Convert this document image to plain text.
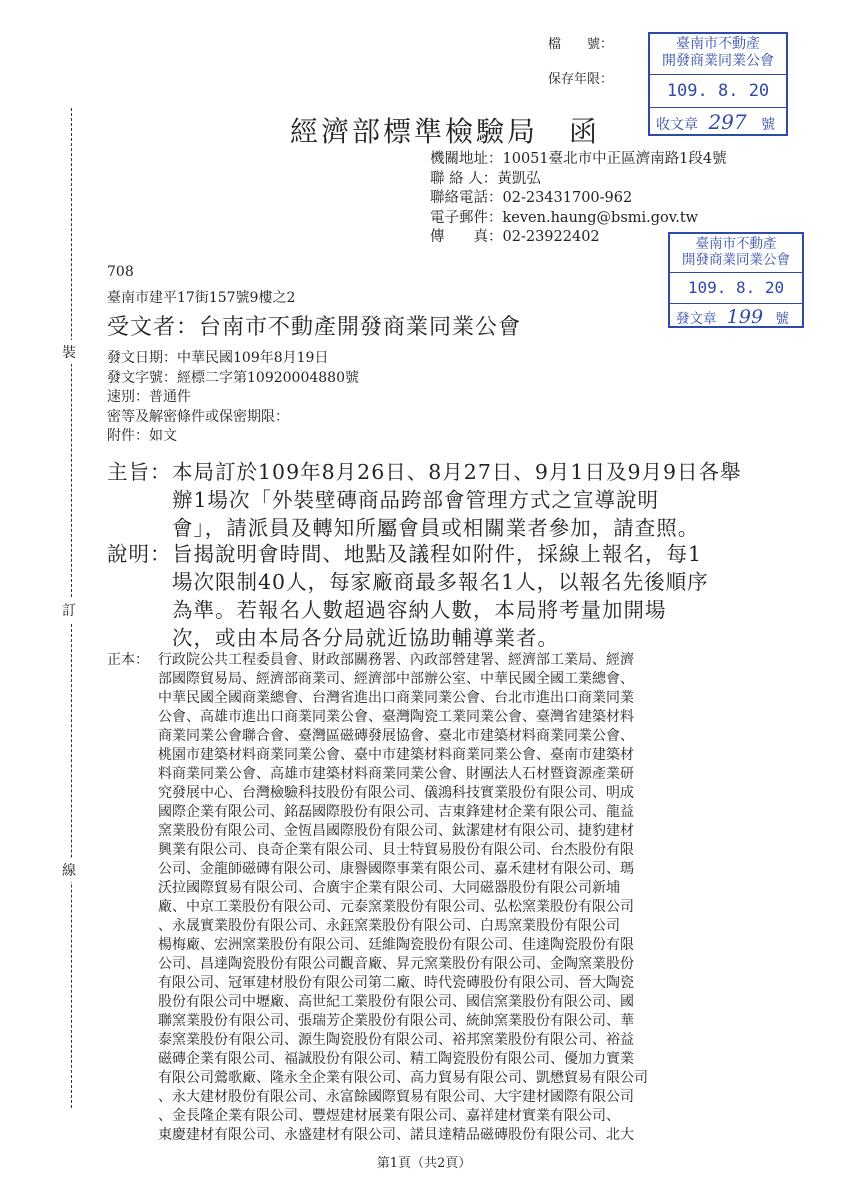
裝
訂
線
檔　　號：
保存年限：
臺南市不動產
開發商業同業公會
109. 8. 20
收文章 297 號
經濟部標準檢驗局　函
機關地址：10051臺北市中正區濟南路1段4號
聯 絡 人：黃凱弘
聯絡電話：02-23431700-962
電子郵件：keven.haung@bsmi.gov.tw
傳　　真：02-23922402	臺南市不動產
開發商業同業公會
109. 8. 20
發文章 199 號
708
臺南市建平17街157號9樓之2
受文者：台南市不動產開發商業同業公會
發文日期：中華民國109年8月19日
發文字號：經標二字第10920004880號
速別：普通件
密等及解密條件或保密期限：
附件：如文
主旨： 本局訂於109年8月26日、8月27日、9月1日及9月9日各舉
辦1場次「外裝壁磚商品跨部會管理方式之宣導說明
會」，請派員及轉知所屬會員或相關業者參加，請查照。
說明： 旨揭說明會時間、地點及議程如附件，採線上報名，每1
場次限制40人，每家廠商最多報名1人，以報名先後順序
為準。若報名人數超過容納人數，本局將考量加開場
次，或由本局各分局就近協助輔導業者。
正本： 行政院公共工程委員會、財政部關務署、內政部營建署、經濟部工業局、經濟
部國際貿易局、經濟部商業司、經濟部中部辦公室、中華民國全國工業總會、
中華民國全國商業總會、台灣省進出口商業同業公會、台北市進出口商業同業
公會、高雄市進出口商業同業公會、臺灣陶瓷工業同業公會、臺灣省建築材料
商業同業公會聯合會、臺灣區磁磚發展協會、臺北市建築材料商業同業公會、
桃園市建築材料商業同業公會、臺中市建築材料商業同業公會、臺南市建築材
料商業同業公會、高雄市建築材料商業同業公會、財團法人石材暨資源產業研
究發展中心、台灣檢驗科技股份有限公司、儀鴻科技實業股份有限公司、明成
國際企業有限公司、銘磊國際股份有限公司、吉東鋒建材企業有限公司、龍益
窯業股份有限公司、金恆昌國際股份有限公司、鈦潔建材有限公司、捷豹建材
興業有限公司、良奇企業有限公司、貝士特貿易股份有限公司、台杰股份有限
公司、金龍師磁磚有限公司、康譽國際事業有限公司、嘉禾建材有限公司、瑪
沃拉國際貿易有限公司、合廣宇企業有限公司、大同磁器股份有限公司新埔
廠、中京工業股份有限公司、元泰窯業股份有限公司、弘松窯業股份有限公司
、永晟實業股份有限公司、永鈺窯業股份有限公司、白馬窯業股份有限公司
楊梅廠、宏洲窯業股份有限公司、廷維陶瓷股份有限公司、佳達陶瓷股份有限
公司、昌達陶瓷股份有限公司觀音廠、昇元窯業股份有限公司、金陶窯業股份
有限公司、冠軍建材股份有限公司第二廠、時代瓷磚股份有限公司、晉大陶瓷
股份有限公司中壢廠、高世紀工業股份有限公司、國信窯業股份有限公司、國
聯窯業股份有限公司、張瑞芳企業股份有限公司、統帥窯業股份有限公司、華
泰窯業股份有限公司、源生陶瓷股份有限公司、裕邦窯業股份有限公司、裕益
磁磚企業有限公司、福誠股份有限公司、精工陶瓷股份有限公司、優加力實業
有限公司鶯歌廠、隆永全企業有限公司、高力貿易有限公司、凱懋貿易有限公司
、永大建材股份有限公司、永富餘國際貿易有限公司、大宇建材國際有限公司
、金長隆企業有限公司、豐煜建材展業有限公司、嘉祥建材實業有限公司、
東慶建材有限公司、永盛建材有限公司、諾貝達精品磁磚股份有限公司、北大
第1頁（共2頁）
